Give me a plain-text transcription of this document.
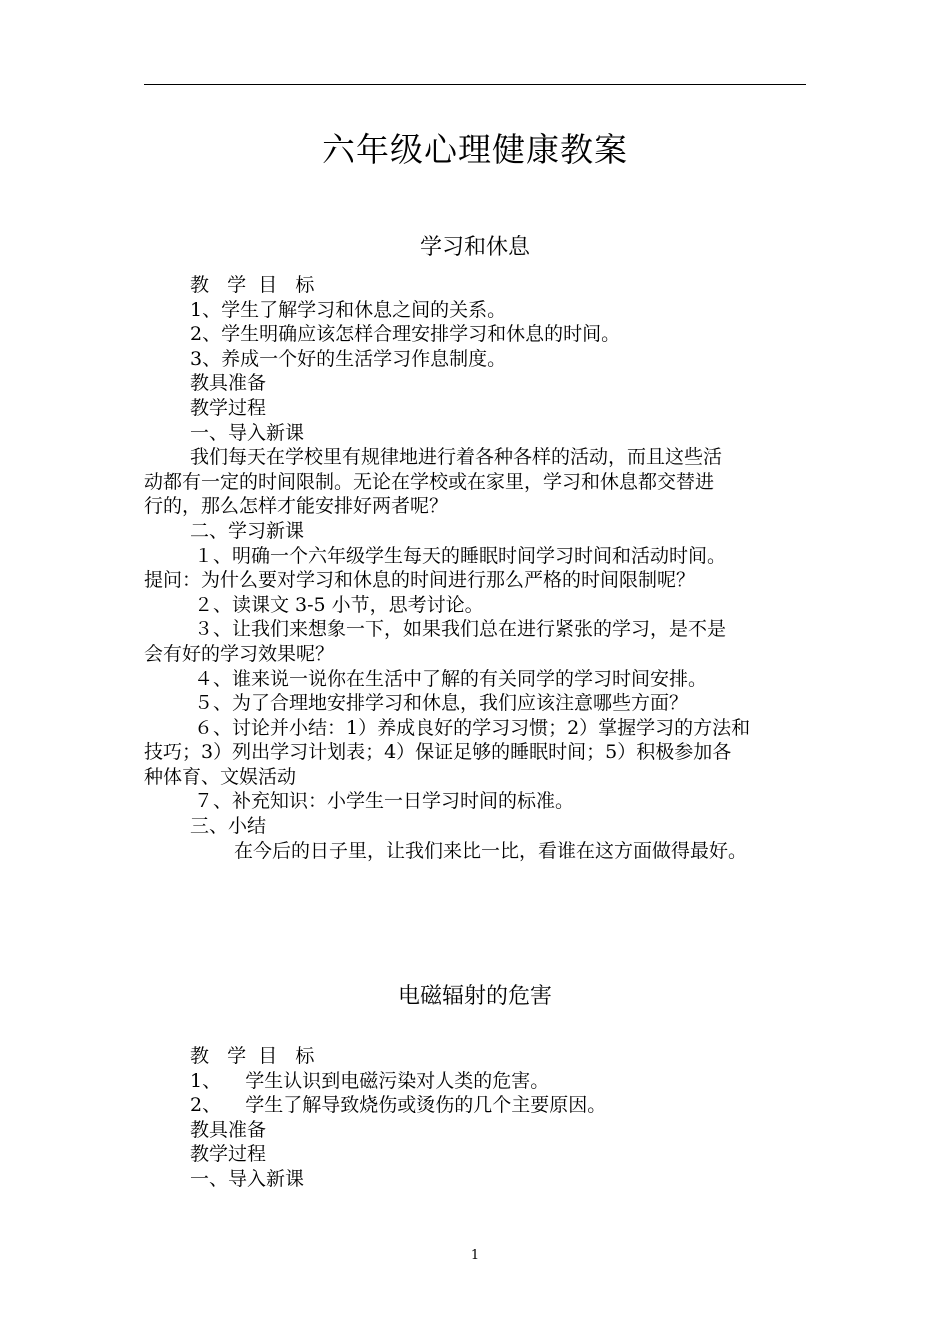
六年级心理健康教案
学习和休息

教   学  目   标

1、学生了解学习和休息之间的关系。

2、学生明确应该怎样合理安排学习和休息的时间。

3、养成一个好的生活学习作息制度。

教具准备

教学过程

一、导入新课

我们每天在学校里有规律地进行着各种各样的活动，而且这些活

动都有一定的时间限制。无论在学校或在家里，学习和休息都交替进

行的，那么怎样才能安排好两者呢？

二、学习新课

１、明确一个六年级学生每天的睡眠时间学习时间和活动时间。

提问：为什么要对学习和休息的时间进行那么严格的时间限制呢？

２、读课文 3-5 小节，思考讨论。

３、让我们来想象一下，如果我们总在进行紧张的学习，是不是

会有好的学习效果呢？

４、谁来说一说你在生活中了解的有关同学的学习时间安排。

５、为了合理地安排学习和休息，我们应该注意哪些方面？

６、讨论并小结：1）养成良好的学习习惯；2）掌握学习的方法和

技巧；3）列出学习计划表；4）保证足够的睡眠时间；5）积极参加各

种体育、文娱活动

７、补充知识：小学生一日学习时间的标准。

三、小结

在今后的日子里，让我们来比一比，看谁在这方面做得最好。

电磁辐射的危害

教   学  目   标

1、    学生认识到电磁污染对人类的危害。

2、    学生了解导致烧伤或烫伤的几个主要原因。

教具准备

教学过程

一、导入新课

1
